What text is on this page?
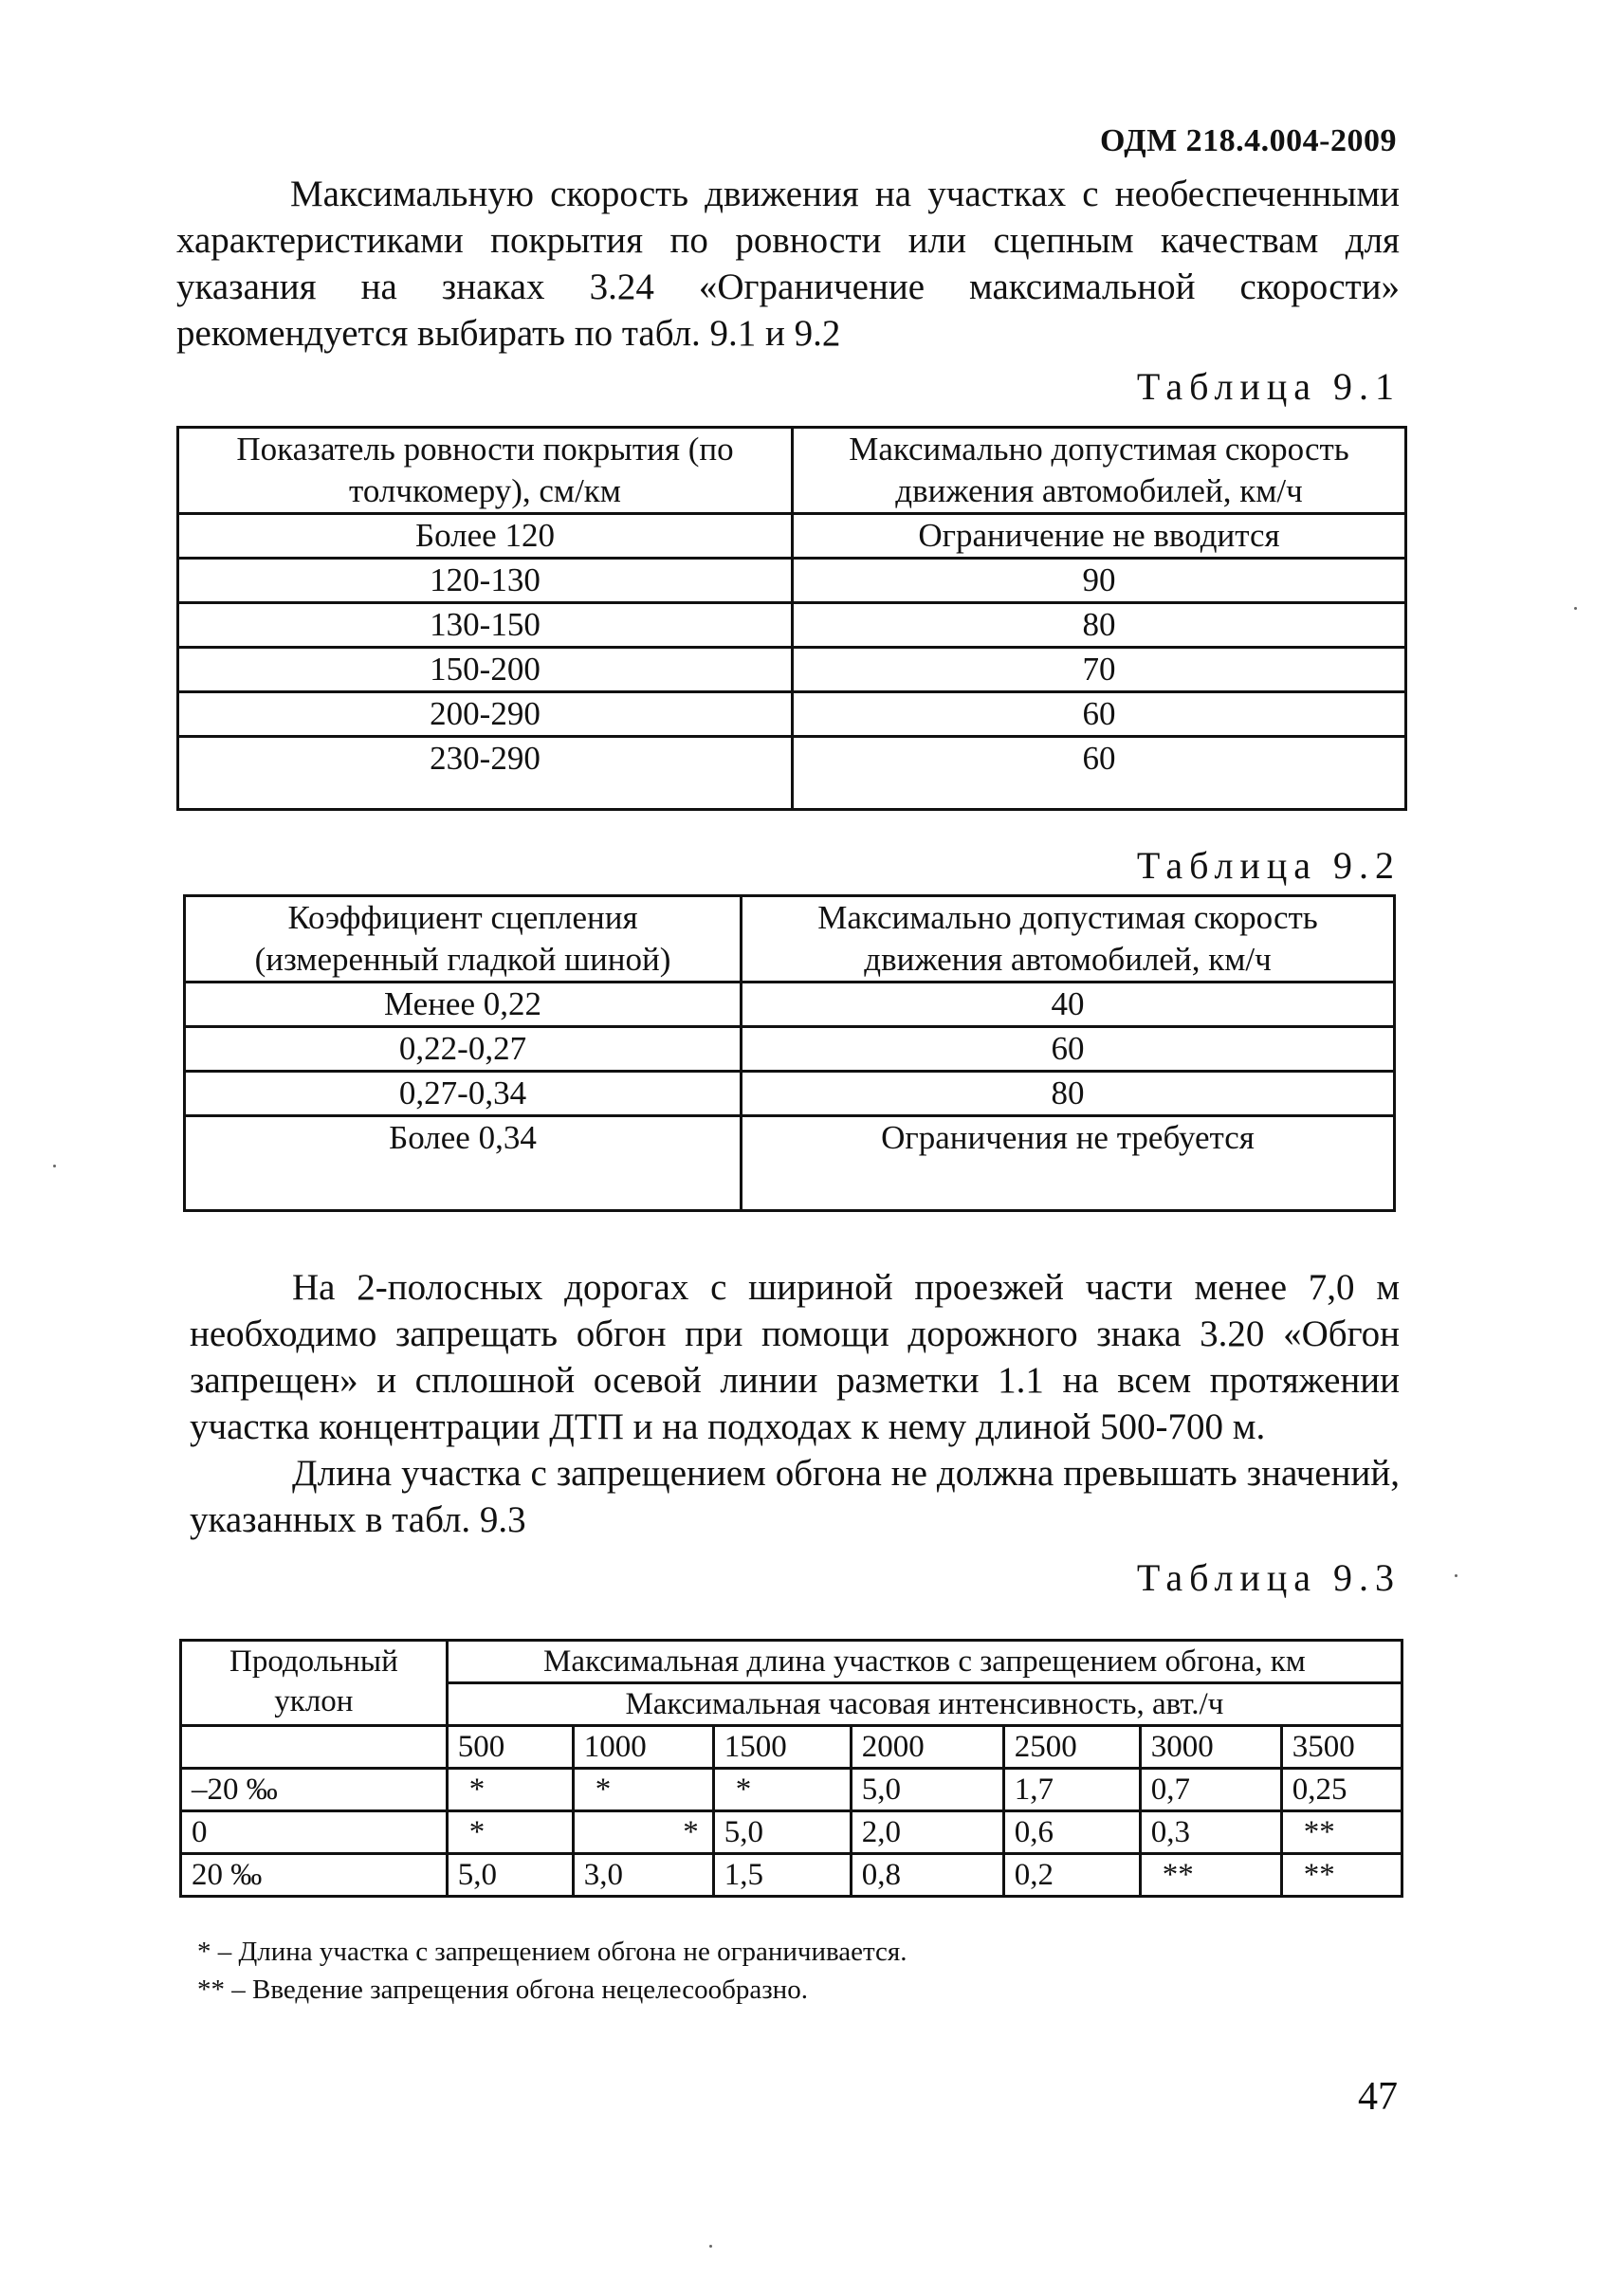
ОДМ 218.4.004-2009
Максимальную скорость движения на участках с необеспеченными характеристиками покрытия по ровности или сцепным качествам для указания на знаках 3.24 «Ограничение максимальной скорости» рекомендуется выбирать по табл. 9.1 и 9.2
Таблица 9.1
Показатель ровности покрытия (по толчкомеру), см/км	Максимально допустимая скорость движения автомобилей, км/ч
Более 120	Ограничение не вводится
120-130	90
130-150	80
150-200	70
200-290	60
230-290	60
Таблица 9.2
Коэффициент сцепления (измеренный гладкой шиной)	Максимально допустимая скорость движения автомобилей, км/ч
Менее 0,22	40
0,22-0,27	60
0,27-0,34	80
Более 0,34	Ограничения не требуется
На 2-полосных дорогах с шириной проезжей части менее 7,0 м необходимо запрещать обгон при помощи дорожного знака 3.20 «Обгон запрещен» и сплошной осевой линии разметки 1.1 на всем протяжении участка концентрации ДТП и на подходах к нему длиной 500-700 м.
Длина участка с запрещением обгона не должна превышать значений, указанных в табл. 9.3
Таблица 9.3
Продольный уклон	Максимальная длина участков с запрещением обгона, км						
	Максимальная часовая интенсивность, авт./ч						
	500	1000	1500	2000	2500	3000	3500
–20 ‰	*	*	*	5,0	1,7	0,7	0,25
0	*	*	5,0	2,0	0,6	0,3	**
20 ‰	5,0	3,0	1,5	0,8	0,2	**	**
* – Длина участка с запрещением обгона не ограничивается.
** – Введение запрещения обгона нецелесообразно.
47
